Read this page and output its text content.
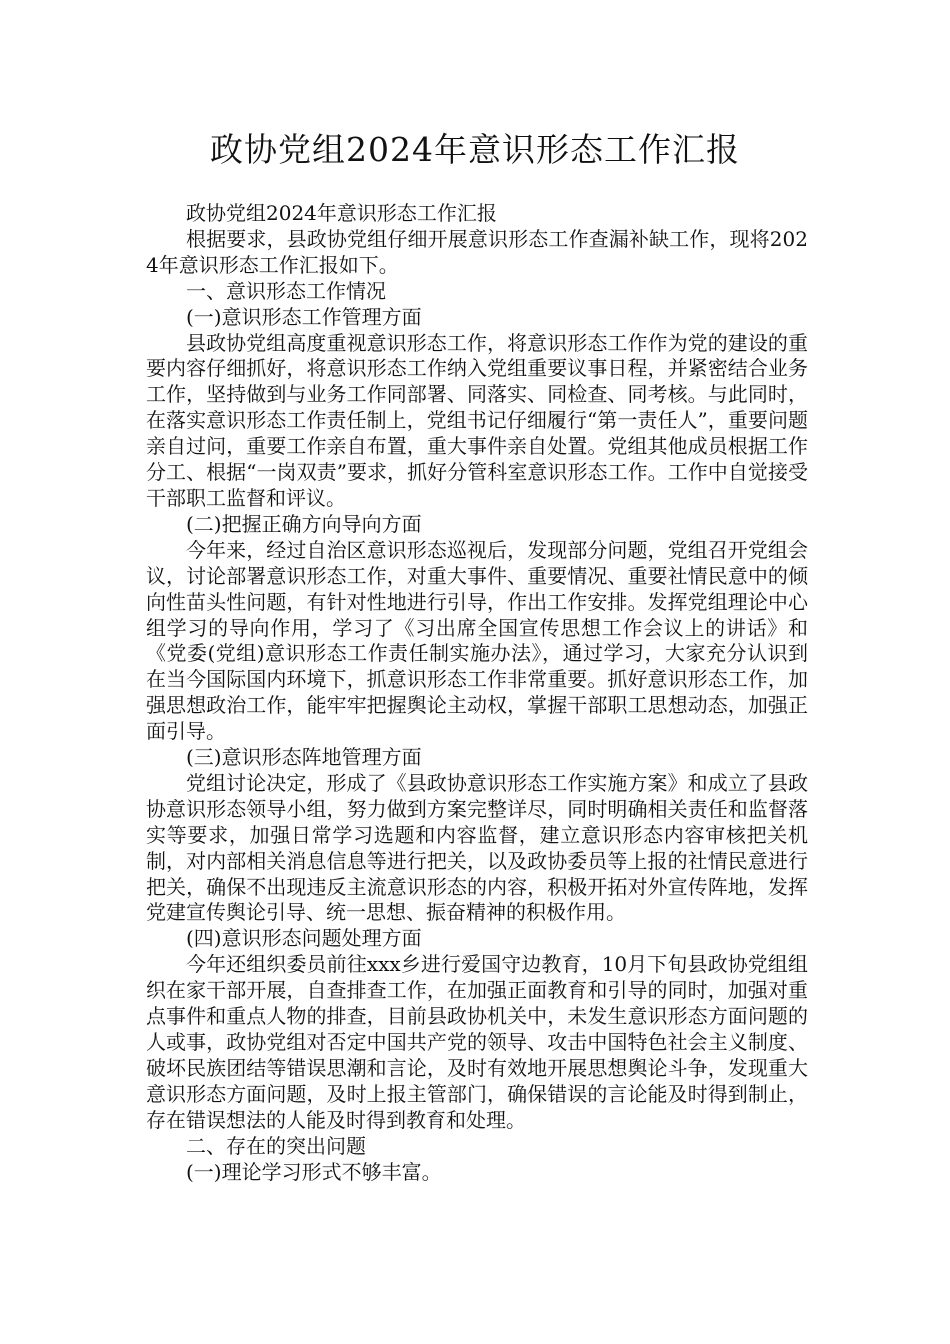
政协党组2024年意识形态工作汇报

政协党组2024年意识形态工作汇报

根据要求，县政协党组仔细开展意识形态工作查漏补缺工作，现将2024年意识形态工作汇报如下。

一、意识形态工作情况

(一)意识形态工作管理方面

县政协党组高度重视意识形态工作，将意识形态工作作为党的建设的重要内容仔细抓好，将意识形态工作纳入党组重要议事日程，并紧密结合业务工作，坚持做到与业务工作同部署、同落实、同检查、同考核。与此同时，在落实意识形态工作责任制上，党组书记仔细履行“第一责任人”，重要问题亲自过问，重要工作亲自布置，重大事件亲自处置。党组其他成员根据工作分工、根据“一岗双责”要求，抓好分管科室意识形态工作。工作中自觉接受干部职工监督和评议。

(二)把握正确方向导向方面

今年来，经过自治区意识形态巡视后，发现部分问题，党组召开党组会议，讨论部署意识形态工作，对重大事件、重要情况、重要社情民意中的倾向性苗头性问题，有针对性地进行引导，作出工作安排。发挥党组理论中心组学习的导向作用，学习了《习出席全国宣传思想工作会议上的讲话》和《党委(党组)意识形态工作责任制实施办法》，通过学习，大家充分认识到在当今国际国内环境下，抓意识形态工作非常重要。抓好意识形态工作，加强思想政治工作，能牢牢把握舆论主动权，掌握干部职工思想动态，加强正面引导。

(三)意识形态阵地管理方面

党组讨论决定，形成了《县政协意识形态工作实施方案》和成立了县政协意识形态领导小组，努力做到方案完整详尽，同时明确相关责任和监督落实等要求，加强日常学习选题和内容监督，建立意识形态内容审核把关机制，对内部相关消息信息等进行把关，以及政协委员等上报的社情民意进行把关，确保不出现违反主流意识形态的内容，积极开拓对外宣传阵地，发挥党建宣传舆论引导、统一思想、振奋精神的积极作用。

(四)意识形态问题处理方面

今年还组织委员前往xxx乡进行爱国守边教育，10月下旬县政协党组组织在家干部开展，自查排查工作，在加强正面教育和引导的同时，加强对重点事件和重点人物的排查，目前县政协机关中，未发生意识形态方面问题的人或事，政协党组对否定中国共产党的领导、攻击中国特色社会主义制度、破坏民族团结等错误思潮和言论，及时有效地开展思想舆论斗争，发现重大意识形态方面问题，及时上报主管部门，确保错误的言论能及时得到制止，存在错误想法的人能及时得到教育和处理。

二、存在的突出问题

(一)理论学习形式不够丰富。
